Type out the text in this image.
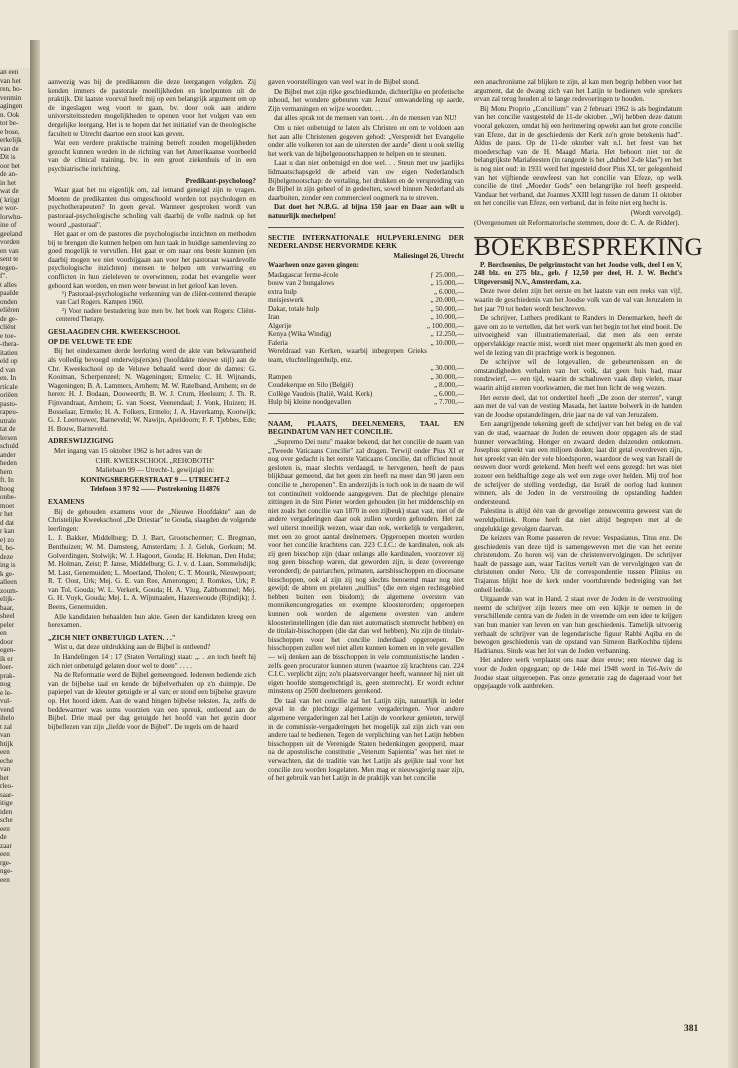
an een

van het

ren, bo-

venmin

agingen

n. Ook

tot be-

e bose,

erkelijk

van de

Dit is

oor het

de an-

in het

wat de

( krijgt

e wor-

lorwhu-

ine of

geeland

vorden

en van

sent te

tegen-

f".

t alles

paalde

onden

eliëren

de ge-

cliënt

e toe-

-thera-

itatien

eld op

d van

en. In

rticale

oriëen

pasto-

rapeu-

utrale

tat de

lersen

schuld

ander

heden

hem

ft. In

hoog

onbe-

moet

r het

d dat

r kan

e) zo

l, bo-

deze

ing is

k ge-

alleen

zoum-

elijk-

baar,

sheel

peler

en

door

egen-

ik er

loer-

prak-

nog

e le-

vul-

vend

ihelo

t zal

van

htijk

een

eche

van

het

rleo-

saar-

itige

iden

sche

een

de

zaar

een

rge-

nge-

een

aanwezig was bij de predikanten die deze leergangen volgden. Zij kenden immers de pastorale moeilijkheden en knelpunten uit de praktijk. Dit laatste voorval heeft mij op een belangrijk argument om op de ingeslagen weg voort te gaan, bv. door ook aan andere universiteitssteden mogelijkheden te openen voor het volgen van een dergelijke leergang. Het is te hopen dat het initiatief van de theologische faculteit te Utrecht daartoe een stoot kan geven.

Wat een verdere praktische training betreft zouden mogelijkheden gezocht kunnen worden in de richting van het Amerikaanse voorbeeld van de clinical training, bv. in een groot ziekenhuis of in een psychiatrische inrichting.

Predikant-psycholoog?

Waar gaat het nu eigenlijk om, zal iemand geneigd zijn te vragen. Moeten de predikanten dus omgeschoold worden tot psychologen en psychotherapeuten? In geen geval. Wanneer gesproken wordt van pastoraal-psychologische scholing valt daarbij de volle nadruk op het woord „pastoraal".

Het gaat er om de pastores die psychologische inzichten en methoden bij te brengen die kunnen helpen om hun taak in huidige samenleving zo goed mogelijk te vervullen. Het gaat er om naar ons beste kunnen (en daarbij mogen we niet voorbijgaan aan voor het pastoraat waardevolle psychologische inzichten) mensen te helpen om verwarring en conflicten in hun zieleleven te overwinnen, zodat het evangelie weer gehoord kan worden, en men weer bewust in het geloof kan leven.

¹) Pastoraal-psychologische verkenning van de cliënt-centered therapie van Carl Rogers. Kampen 1960.

²) Voor nadere bestudering leze men bv. het boek van Rogers: Cliënt-centered Therapy.

GESLAAGDEN CHR. KWEEKSCHOOL
OP DE VELUWE TE EDE

Bij het eindexamen derde leerkring werd de akte van bekwaamheid als volledig bevoegd onderwijs(ers)es) (hoofdakte nieuwe stijl) aan de Chr. Kweekschool op de Veluwe behaald werd door de dames: G. Kooiman, Scherpenzeel; N. Wageningen; Ermelo; C. H. Wijnands, Wageningen; B. A. Lammers, Arnhem; M. W. Ratelband, Arnhem; en de heren: H. J. Bodaan, Dooweerth; B. W. J. Crum, Heelsum; J. Th. R. Fijnvandraat, Arnhem; G. van Soest, Veenendaal; J. Vonk, Huizen; H. Bosselaar, Ermelo; H. A. Folkers, Ermelo; J. A. Haverkamp, Kootwijk; G. J. Leertouwer, Barneveld; W. Nawijn, Apeldoorn; F. F. Tjebbes, Ede; H. Bouw, Barneveld.

ADRESWIJZIGING

Met ingang van 15 oktober 1962 is het adres van de

CHR. KWEEKSCHOOL „REHOBOTH"

Maliebaan 99 — Utrecht-1, gewijzigd in:

KONINGSBERGERSTRAAT 9 — UTRECHT-2

Telefoon 3 97 92 —— Postrekening 114876

EXAMENS

Bij de gehouden examens voor de „Nieuwe Hoofdakte" aan de Christelijke Kweekschool „De Driestar" te Gouda, slaagden de volgende leerlingen:

L. J. Bakker, Middelburg; D. J. Bart, Grootschermer; C. Bregman, Benthuizen; W. M. Damsteeg, Amsterdam; J. J. Geluk, Gorkum; M. Golverdingen, Stolwijk; W. J. Hagoort, Gouda; H. Hekman, Den Hulst; M. Holman, Zeist; P. Janse, Middelburg; G. J. v. d. Laan, Sommelsdijk; M. Last, Genemuiden; L. Moerland, Tholen; C. T. Mourik, Nieuwpoort; R. T. Oost, Urk; Mej. G. E. van Ree, Amerongen; J. Romkes, Urk; P. van Tol, Gouda; W. L. Verkerk, Gouda; H. A. Vlug, Zaltbommel; Mej. G. H. Vuyk, Gouda; Mej. L. A. Wijnmaalen, Hazerswoude (Rijndijk); J. Beens, Genemuiden.

Alle kandidaten behaalden hun akte. Geen der kandidaten kreeg een herexamen.

„ZICH NIET ONBETUIGD LATEN. . ."

Wist u, dat deze uitdrukking aan de Bijbel is ontleend?

In Handelingen 14 : 17 (Staten Vertaling) staat: „. . .en toch heeft hij zich niet onbetuigd gelaten door wel te doen" . . . .

Na de Reformatie werd de Bijbel gemeengoed. Iedereen bediende zich van de bijbelse taal en kende de bijbelverhalen op z'n duimpje. De papiepel van de kleuter getuigde er al van; er stond een bijbelse gravure op. Het hoord idem. Aan de wand hingen bijbelse teksten. Ja, zelfs de beddewarmer was soms voorzien van een spreuk, ontleend aan de Bijbel. Drie maal per dag getuigde het hoofd van het gezin door bijbellezen van zijn „liefde voor de Bijbel". De tegels om de haard

gaven voorstellingen van veel wat in de Bijbel stond.

De Bijbel met zijn rijke geschiedkunde, dichterlijke en profetische inhoud, het wondere gebeuren van Jezus' omwandeling op aarde, Zijn vermaningen en wijze woorden. . .

dat alles sprak tot de mensen van toen. . .én de mensen van NU!

Om u niet onbetuigd te laten als Christen en om te voldoen aan het aan alle Christenen gegeven gebod: „Verspreidt het Evangelie onder alle volkeren tot aan de uitersten der aarde" dient u ook stellig het werk van de bijbelgenootschappen te helpen en te steunen.

Laat u dan niet onbetuigd en doe wel. . . Steun met uw jaarlijks lidmaatschapsgeld de arbeid van uw eigen Nederlandsch Bijbelgenootschap: de vertaling, het drukken en de verspreiding van de Bijbel in zijn geheel of in gedeelten, sowel binnen Nederland als daarbuiten, zonder een commercieel oogmerk na te streven.

Dat doet het N.B.G. al bijna 150 jaar en Daar aan wilt u natuurlijk mechelpen!

SECTIE INTERNATIONALE HULPVERLENING DER NEDERLANDSE HERVORMDE KERK

Maliesingel 26, Utrecht

Waarheen onze gaven gingen:

Madagascar ferme-école	ƒ 25.000,—
bouw van 2 bungalows	„ 15.000,—
extra hulp	„ 6.000,—
meisjeswerk	„ 20.000,—
Dakar, totale hulp	„ 50.000,—
Iran	„ 10.000,—
Algerije	„ 100.000,—
Kenya (Wika Windig)	„ 12.250,—
Faleria	„ 10.000,—
Wereldraad van Kerken, waarbij inbegrepen Grieks team, vluchtelingenhulp, enz.	
	„ 30.000,—
Rampen	„ 30.000,—
Coudekerque en Silo (België)	„ 8.000,—
Collège Vaudois (Italië, Wald. Kerk)	„ 6.000,—
Hulp bij kleine noodgevallen	„ 7.700,—
NAAM, PLAATS, DEELNEMERS, TAAL EN BEGINDATUM VAN HET CONCILIE.

„Supremo Dei nutu" maakte bekend, dat het concilie de naam van „Tweede Vaticaans Concilie" zal dragen. Terwijl onder Pius XI er nog over gedacht is het eerste Vaticaans Concilie, dat officieel nooit gesloten is, maar slechts verdaagd, te hervgenen, heeft de paus blijkbaar gemeend, dat het geen zin heeft na meer dan 90 jaren een concilie te „heropenen". En anderzijds is toch ook in de naam de wil tot continuïteit voldoende aangegeven. Dat de plechtige plenaire zittingen in de Sint Pieter worden gehouden (in het middenschip en niet zoals het concilie van 1870 in een zijbeuk) staat vast, niet of de andere vergaderingen daar ook zullen worden gehouden. Het zal wel uiterst moeilijk wezen, waar dan ook, werkelijk te vergaderen, met een zo groot aantal deelnemers. Opgeroepen moeten worden voor het concilie krachtens can. 223 C.I.C.: de kardinalen, ook als zij geen bisschop zijn (daar onlangs alle kardinalen, voorzover zij nog geen bisschop waren, dat geworden zijn, is deze (overeenge veronderd); de patriarchen, primaten, aartsbisschoppen en diocesane bisschoppen, ook al zijn zij nog slechts benoemd maar nog niet gewijd; de abten en prelaten „nullius" (die een eigen rechtsgebied hebben buiten een bisdom); de algemene oversten van monnikencongregaties en exempte kloosterorden; opgeroepen kunnen ook worden de algemene oversten van andere kloosterinstellingen (die dan niet automatisch stemrecht hebben) en de titulair-bisschoppen (die dat dan wel hebben). Nu zijn de titulair-bisschoppen voor het concilie inderdaad opgeroepen. De bisschoppen zullen wel niet allen kunnen komen en in vele gevallen — wij denken aan de bisschoppen in vele communistische landen - zelfs geen procurator kunnen sturen (waartoe zij krachtens can. 224 C.I.C. verplicht zijn; zo'n plaatsvervanger heeft, wanneer hij niet uit eigen hoofde stemgerechtigd is, geen stemrecht). Er wordt echter minstens op 2500 deelnemers gerekend.

De taal van het concilie zal het Latijn zijn, natuurlijk in ieder geval in de plechtige algemene vergaderingen. Voor andere algemene vergaderingen zal het Latijn de voorkeur genieten, terwijl in de commissie-vergaderingen het mogelijk zal zijn zich van een andere taal te bedienen. Tegen de verplichting van het Latijn hebben bisschoppen uit de Verenigde Staten bedenkingen geopperd, maar na de apostolische constitutie „Veterum Sapientia" was het niet te verwachten, dat de traditie van het Latijn als geijkte taal voor het concilie zou worden losgelaten. Men mag er nieuwsgierig naar zijn, of het gebruik van het Latijn in de praktijk van het concilie

een anachronisme zal blijken te zijn, al kan men begrip hebben voor het argument, dat de dwang zich van het Latijn te bedienen vele sprekers ervan zal terug houden al te lange redevoeringen te houden.

Bij Motu Proprio „Concilium" van 2 februari 1962 is als begindatum van het concilie vastgesteld de 11-de oktober. „Wij hebben deze datum vooral gekozen, omdat hij een herinnering opwekt aan het grote concilie van Efeze, dat in de geschiedenis der Kerk zo'n grote betekenis had". Aldus de paus. Op de 11-de oktober valt n.l. het feest van het moederschap van de H. Maagd Maria. Het behoort niet tot de belangrijkste Mariafeesten (in rangorde is het „dubbel 2-de klas") en het is nog niet oud: in 1931 werd het ingesteld door Pius XI, ter gelegenheid van het vijftiende eeuwfeest van het concilie van Efeze, op welk concilie de titel „Moeder Gods" een belangrijke rol heeft gespeeld. Vandaar het verband, dat Joannes XXIII legt tussen de datum 11 oktober en het concilie van Efeze, een verband, dat in feite niet erg hecht is.

(Wordt vervolgd).

(Overgenomen uit Reformatorische stemmen, door dr. C. A. de Ridder).

BOEKBESPREKING

P. Borchsenius, De pelgrimstocht van het Joodse volk, deel I en V, 248 blz. en 275 blz., geb. ƒ 12,50 per deel, H. J. W. Becht's Uitgeversmij N.V., Amsterdam, z.a.

Deze twee delen zijn het eerste en het laatste van een reeks van vijf, waarin de geschiedenis van het Joodse volk van de val van Jeruzalem in het jaar 70 tot heden wordt beschreven.

De schrijver, Luthers predikant te Randers in Denemarken, heeft de gave om zo te vertellen, dat het werk van het begin tot het eind boeit. De uitvoeigheid van illustratiemateriaal, dat men als een eerste oppervlakkige reactie mist, wordt niet meer opgemerkt als men goed en wel de lezing van dit prachtige werk is begonnen.

De schrijver wil de lotgevallen, de gebeurtenissen en de omstandigheden verhalen van het volk, dat geen huis had, maar rondzwierf, — een tijd, waarin de schaduwen vaak diep vielen, maar waarin altijd sterren voorkwamen, die met hun licht de weg wezen.

Het eerste deel, dat tot ondertitel heeft „De zoon der sterren", vangt aan met de val van de vesting Masada, het laatste bolwerk in de handen van de Joodse opstandelingen, drie jaar na de val van Jeruzalem.

Een aangrijpende tekening geeft de schrijver van het beleg en de val van de stad, waarnaar de Joden de eeuwen door opgagen als de stad hunner verwachting. Honger en zwaard deden duizenden omkomen. Josephus spreekt van een miljoen doden; laat dit getal overdreven zijn, het spreekt van één der vele bloedsporen, waardoor de weg van Israël de eeuwen door wordt getekend. Men heeft wel eens gezegd: het was niet zozeer een heldhaftige zege als wel een zege over helden. Mij trof hoe de schrijver de stelling verdedigt, dat Israël de oorlog had kunnen winnen, als de Joden in de verstrooiing de opstanding hadden ondersteund.

Palestina is altijd één van de gevoelige zenuwcentra geweest van de wereldpolitiek. Rome heeft dat niet altijd begrepen met al de ongelukkige gevolgen daarvan.

De keizers van Rome passeren de revue: Vespasianus, Titus enz. De geschiedenis van deze tijd is samengeweven met die van het eerste christendom. Zo horen wij van de christenvervolgingen. De schrijver haalt de passage aan, waar Tacitus vertelt van de vervolgingen van de christenen onder Nero. Uit de correspondentie tussen Plinius en Trajanus blijkt hoe de kerk onder voortdurende bedreiging van het onheil leefde.

Uitgaande van wat in Hand. 2 staat over de Joden in de verstrooiing neemt de schrijver zijn lezers mee om een kijkje te nemen in de verschillende centra van de Joden in de vreemde om een idee te krijgen van hun manier van leven en van hun geschiedenis. Tamelijk uitvoerig verhaalt de schrijver van de legendarische figuur Rabbi Aqiba en de bewogen geschiedenis van de opstand van Simeon BarKochba tijdens Hadrianus. Sinds was het lot van de Joden verbanning.

Het andere werk verplaatst ons naar deze eeuw; een nieuwe dag is voor de Joden opgegaan; op de 14de mei 1948 werd in Tel-Aviv de Joodse staat uitgeroepen. Pas onze generatie zag de dageraad voor het opgejaagde volk aanbreken.

381
